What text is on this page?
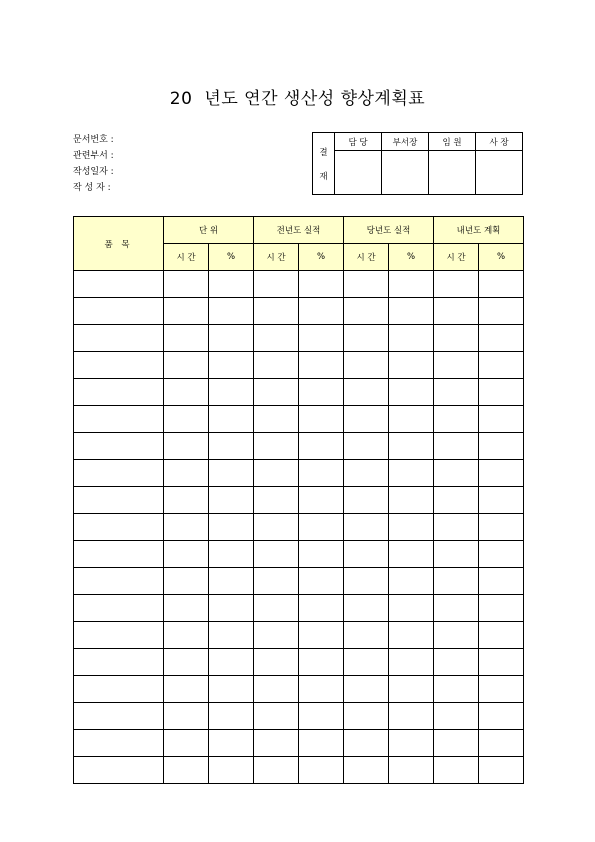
20 년도 연간 생산성 향상계획표
문서번호 :
관련부서 :
작성일자 :
작 성 자 :
결
재	담 당	부서장	임 원	사 장

품 목	단 위		전년도 실적		당년도 실적		내년도 계획	
	시 간	%	시 간	%	시 간	%	시 간	%
